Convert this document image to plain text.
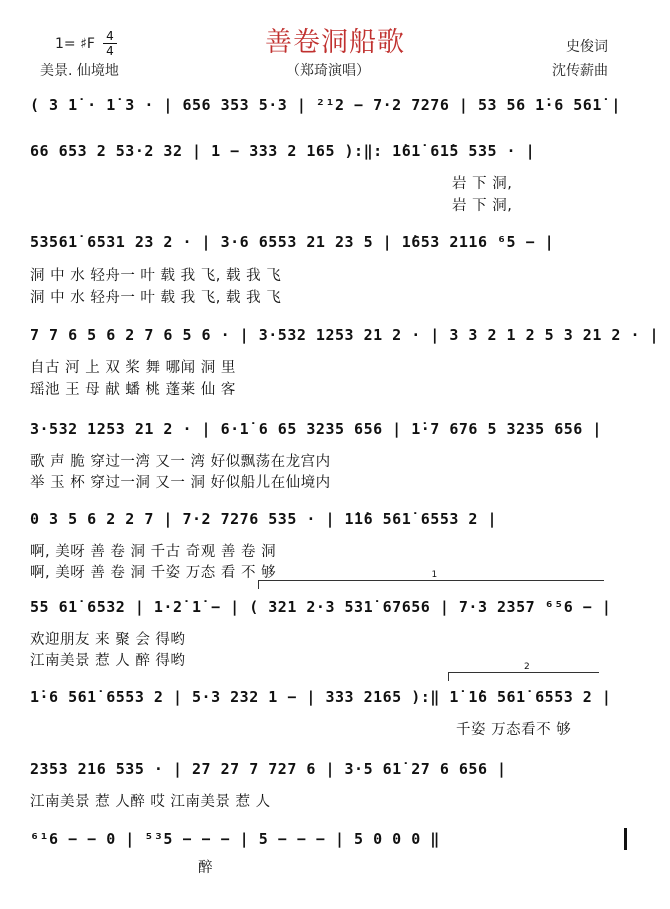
善卷洞船歌
1= ♯F 4
4
美景. 仙境地	（郑琦演唱）
史俊词
沈传薪曲
( 3 1̇ · 1̇ 3 · | 656 353 5·3 | ²¹2 − 7·2 7276 | 53 56 1̇·6 561̇ |
66 653 2 53·2 32 | 1 − 333 2 165 ):‖: 1̇61̇ 61̇5 535 · |
岩 下 洞,
岩 下 洞,
53561̇ 6531 23 2 · | 3·6 6553 21 23 5 | 1̇653 2116 ⁶5 − |
洞 中 水 轻舟一 叶 载 我 飞, 载 我 飞
洞 中 水 轻舟一 叶 载 我 飞, 载 我 飞
7 7 6 5 6 2 7 6 5 6 · | 3·532 1253 21 2 · | 3 3 2 1 2 5 3 21 2 · |
自古 河 上 双 桨 舞 哪闻 洞 里
瑶池 王 母 献 蟠 桃 蓬莱 仙 客
3·532 1253 21 2 · | 6·1̇ 6 65 3235 656 | 1̇·7 676 5 3235 656 |
歌 声 脆 穿过一湾 又一 湾 好似飘荡在龙宫内
举 玉 杯 穿过一洞 又一 洞 好似船儿在仙境内
0 3 5 6 2 2 7 | 7·2 7276 535 · | 1̇1̇6 561̇ 6553 2 |
啊, 美呀 善 卷 洞 千古 奇观 善 卷 洞
啊, 美呀 善 卷 洞 千姿 万态 看 不 够	1
55 61̇ 6532 | 1·2̇ 1̇ − | ( 321 2·3 531̇ 67656 | 7·3 2357 ⁶⁵6 − |
欢迎朋友 来 聚 会 得哟
江南美景 惹 人 醉 得哟	2
1̇·6 561̇ 6553 2 | 5·3 232 1 − | 333 2165 ):‖ 1̇ 1̇6 561̇ 6553 2 |
千姿 万态看不 够
2353 216 535 · | 27 27 7 727 6 | 3·5 61̇ 27 6 656 |
江南美景 惹 人醉 哎 江南美景 惹 人
⁶¹6 − − 0 | ⁵³5 − − − | 5 − − − | 5 0 0 0 ‖
醉
